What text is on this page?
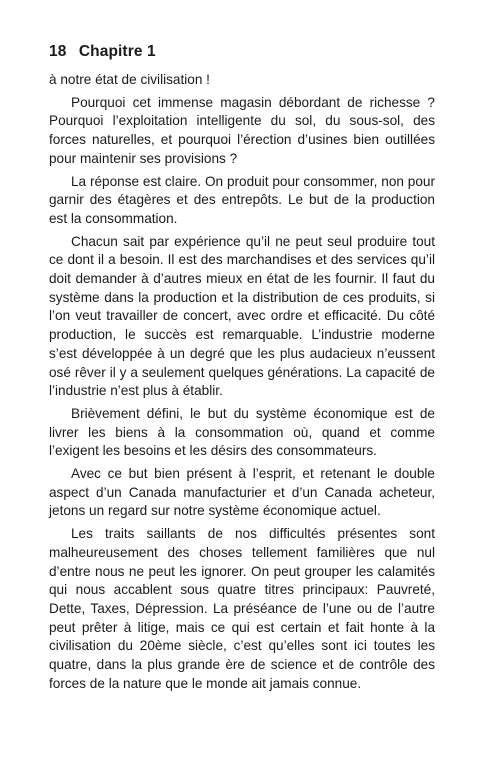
18 Chapitre 1

à notre état de civilisation !

Pourquoi cet immense magasin débordant de richesse ? Pourquoi l’exploitation intelligente du sol, du sous-sol, des forces naturelles, et pourquoi l’érection d’usines bien outillées pour maintenir ses provisions ?

La réponse est claire. On produit pour consommer, non pour garnir des étagères et des entrepôts. Le but de la production est la consommation.

Chacun sait par expérience qu’il ne peut seul produire tout ce dont il a besoin. Il est des marchandises et des services qu’il doit demander à d’autres mieux en état de les fournir. Il faut du système dans la production et la distribution de ces produits, si l’on veut travailler de concert, avec ordre et efficacité. Du côté production, le succès est remarquable. L’industrie moderne s’est développée à un degré que les plus audacieux n’eussent osé rêver il y a seulement quelques générations. La capacité de l’industrie n’est plus à établir.

Brièvement défini, le but du système économique est de livrer les biens à la consommation où, quand et comme l’exigent les besoins et les désirs des consommateurs.

Avec ce but bien présent à l’esprit, et retenant le double aspect d’un Canada manufacturier et d’un Canada acheteur, jetons un regard sur notre système économique actuel.

Les traits saillants de nos difficultés présentes sont malheureusement des choses tellement familières que nul d’entre nous ne peut les ignorer. On peut grouper les calamités qui nous accablent sous quatre titres principaux: Pauvreté, Dette, Taxes, Dépression. La préséance de l’une ou de l’autre peut prêter à litige, mais ce qui est certain et fait honte à la civilisation du 20ème siècle, c’est qu’elles sont ici toutes les quatre, dans la plus grande ère de science et de contrôle des forces de la nature que le monde ait jamais connue.
